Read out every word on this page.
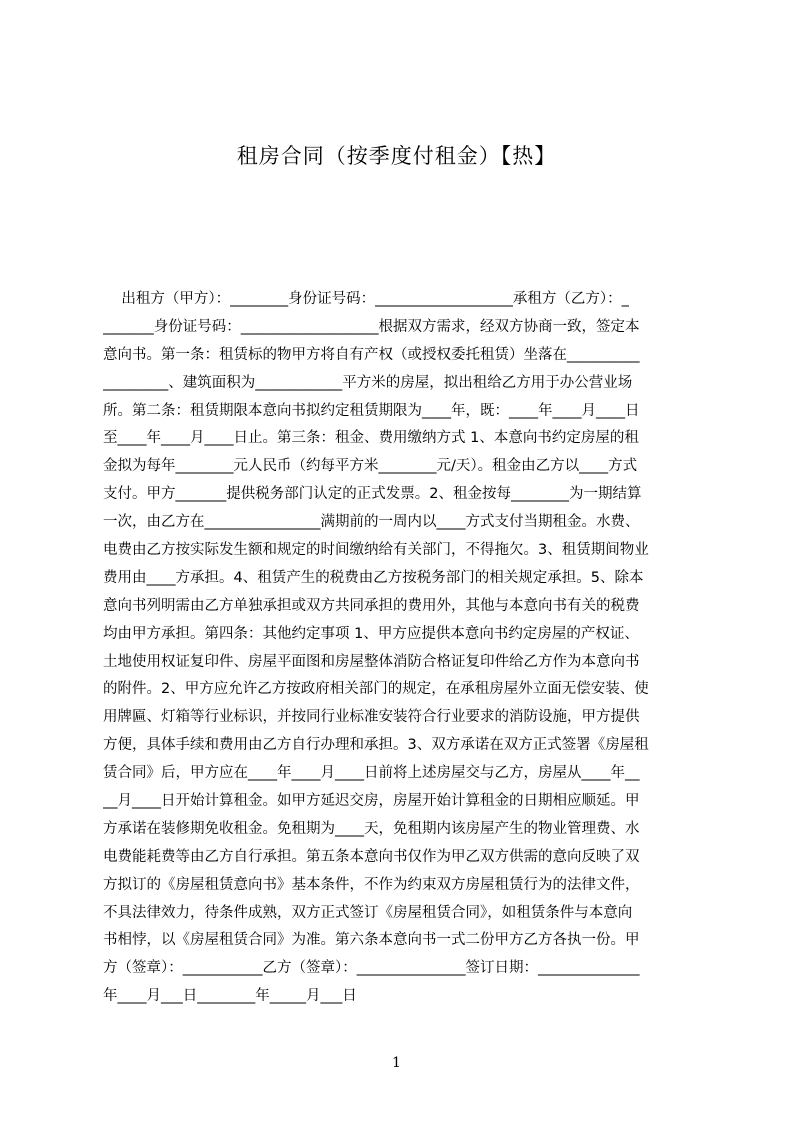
租房合同（按季度付租金）【热】
出租方（甲方）：________身份证号码：___________________承租方（乙方）：_
_______身份证号码：___________________根据双方需求，经双方协商一致，签定本
意向书。第一条：租赁标的物甲方将自有产权（或授权委托租赁）坐落在__________
_________、建筑面积为____________平方米的房屋，拟出租给乙方用于办公营业场
所。第二条：租赁期限本意向书拟约定租赁期限为____年，既：____年____月____日
至____年____月____日止。第三条：租金、费用缴纳方式 1、本意向书约定房屋的租
金拟为每年________元人民币（约每平方米________元/天）。租金由乙方以____方式
支付。甲方_______提供税务部门认定的正式发票。2、租金按每________为一期结算
一次，由乙方在________________满期前的一周内以____方式支付当期租金。水费、
电费由乙方按实际发生额和规定的时间缴纳给有关部门，不得拖欠。3、租赁期间物业
费用由____方承担。4、租赁产生的税费由乙方按税务部门的相关规定承担。5、除本
意向书列明需由乙方单独承担或双方共同承担的费用外，其他与本意向书有关的税费
均由甲方承担。第四条：其他约定事项 1、甲方应提供本意向书约定房屋的产权证、
土地使用权证复印件、房屋平面图和房屋整体消防合格证复印件给乙方作为本意向书
的附件。2、甲方应允许乙方按政府相关部门的规定，在承租房屋外立面无偿安装、使
用牌匾、灯箱等行业标识，并按同行业标准安装符合行业要求的消防设施，甲方提供
方便，具体手续和费用由乙方自行办理和承担。3、双方承诺在双方正式签署《房屋租
赁合同》后，甲方应在____年____月____日前将上述房屋交与乙方，房屋从____年__
__月____日开始计算租金。如甲方延迟交房，房屋开始计算租金的日期相应顺延。甲
方承诺在装修期免收租金。免租期为____天，免租期内该房屋产生的物业管理费、水
电费能耗费等由乙方自行承担。第五条本意向书仅作为甲乙双方供需的意向反映了双
方拟订的《房屋租赁意向书》基本条件，不作为约束双方房屋租赁行为的法律文件，
不具法律效力，待条件成熟，双方正式签订《房屋租赁合同》，如租赁条件与本意向
书相悖，以《房屋租赁合同》为准。第六条本意向书一式二份甲方乙方各执一份。甲
方（签章）：___________乙方（签章）：_______________签订日期：______________
年____月___日________年_____月___日
1
